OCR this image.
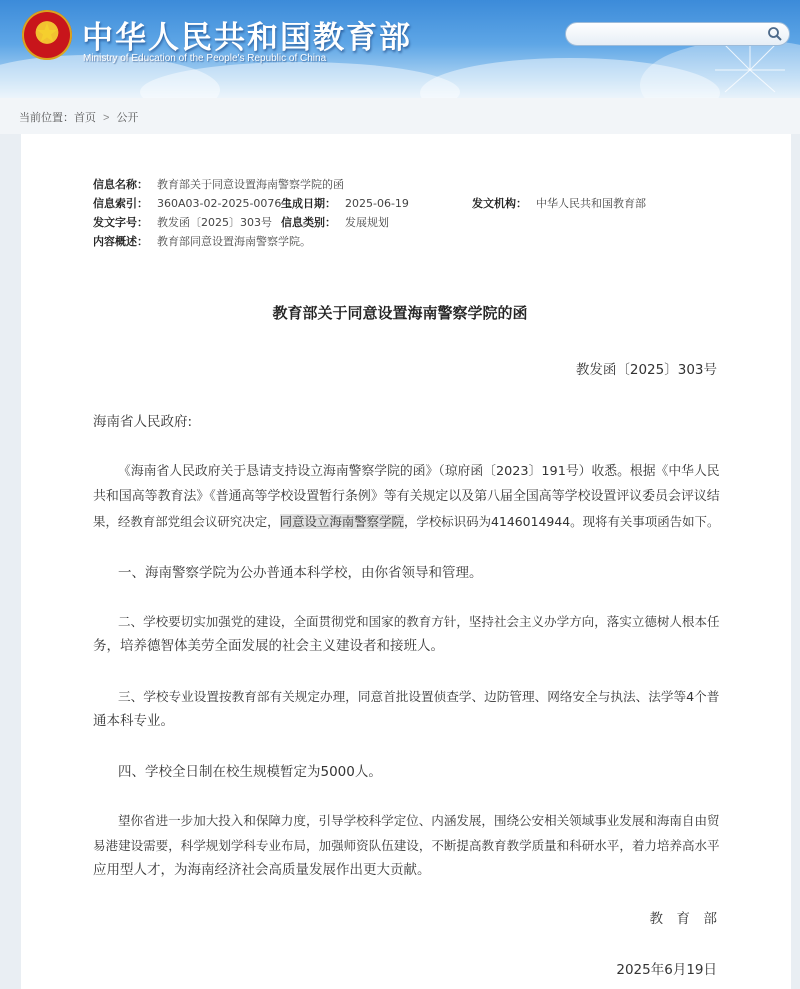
中华人民共和国教育部
Ministry of Education of the People's Republic of China
当前位置：首页 > 公开
信息名称： 教育部关于同意设置海南警察学院的函
信息索引： 360A03-02-2025-0076-1
生成日期： 2025-06-19	发文机构： 中华人民共和国教育部
发文字号： 教发函〔2025〕303号 信息类别： 发展规划
内容概述： 教育部同意设置海南警察学院。
教育部关于同意设置海南警察学院的函
教发函〔2025〕303号
海南省人民政府:
《海南省人民政府关于恳请支持设立海南警察学院的函》（琼府函〔2023〕191号）收悉。根据《中华人民
共和国高等教育法》《普通高等学校设置暂行条例》等有关规定以及第八届全国高等学校设置评议委员会评议结
果，经教育部党组会议研究决定，同意设立海南警察学院，学校标识码为4146014944。现将有关事项函告如下。
一、海南警察学院为公办普通本科学校，由你省领导和管理。
二、学校要切实加强党的建设，全面贯彻党和国家的教育方针，坚持社会主义办学方向，落实立德树人根本任
务，培养德智体美劳全面发展的社会主义建设者和接班人。
三、学校专业设置按教育部有关规定办理，同意首批设置侦查学、边防管理、网络安全与执法、法学等4个普
通本科专业。
四、学校全日制在校生规模暂定为5000人。
望你省进一步加大投入和保障力度，引导学校科学定位、内涵发展，围绕公安相关领域事业发展和海南自由贸
易港建设需要，科学规划学科专业布局，加强师资队伍建设，不断提高教育教学质量和科研水平，着力培养高水平
应用型人才，为海南经济社会高质量发展作出更大贡献。
教　育　部
2025年6月19日
